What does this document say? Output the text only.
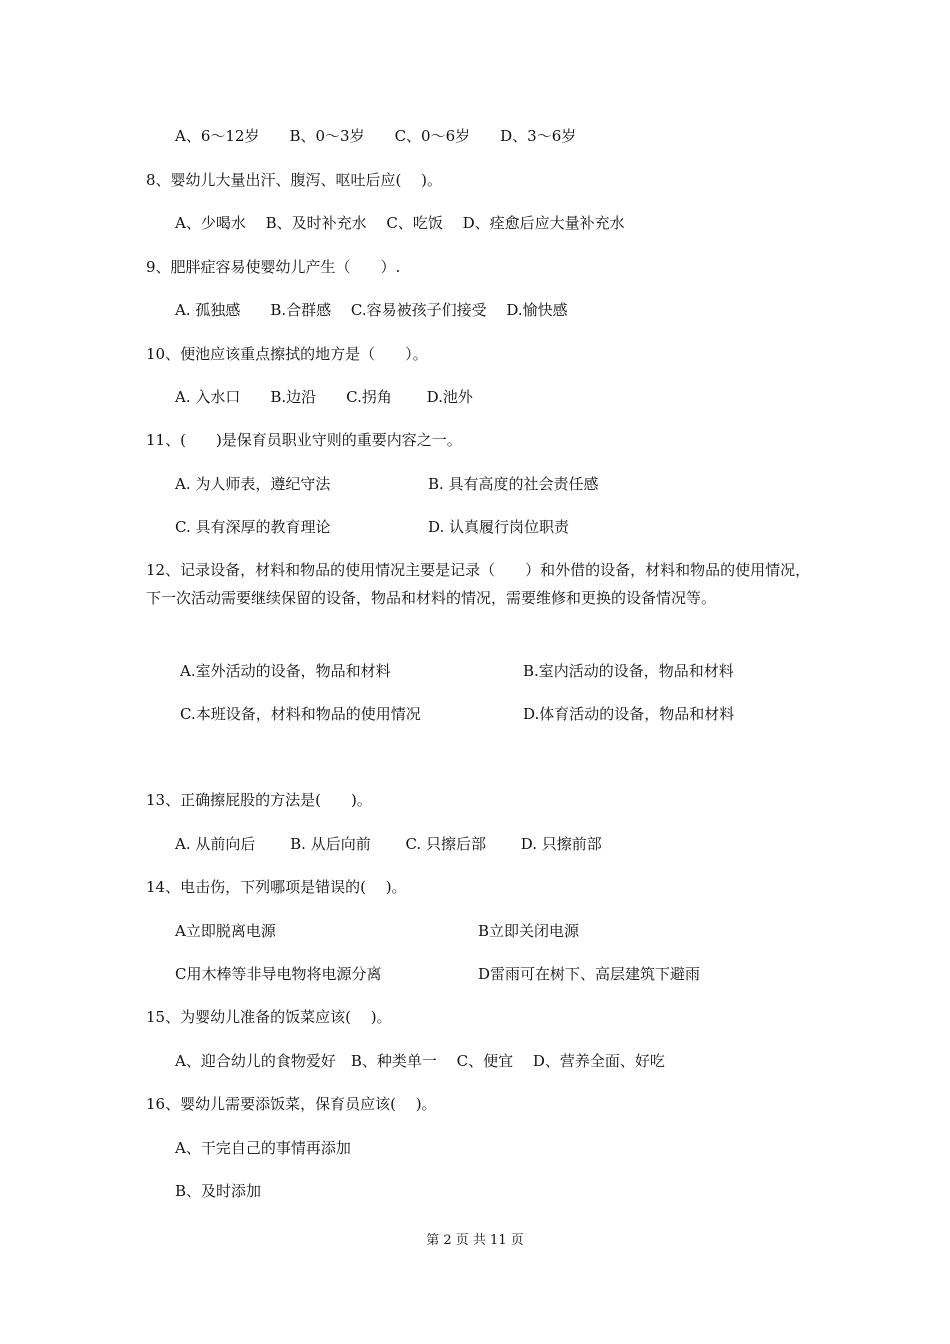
A、6～12岁　　B、0～3岁　　C、0～6岁　　D、3～6岁
8、婴幼儿大量出汗、腹泻、呕吐后应(　 )。
A、少喝水　 B、及时补充水　 C、吃饭　 D、痊愈后应大量补充水
9、肥胖症容易使婴幼儿产生（　　）.
A. 孤独感　　B.合群感　 C.容易被孩子们接受　 D.愉快感
10、便池应该重点擦拭的地方是（　　）。
A. 入水口　　B.边沿　　C.拐角　　 D.池外
11、(　　)是保育员职业守则的重要内容之一。
A. 为人师表，遵纪守法	B. 具有高度的社会责任感
C. 具有深厚的教育理论	D. 认真履行岗位职责
12、记录设备，材料和物品的使用情况主要是记录（　　）和外借的设备，材料和物品的使用情况，下一次活动需要继续保留的设备，物品和材料的情况，需要维修和更换的设备情况等。
A.室外活动的设备，物品和材料	B.室内活动的设备，物品和材料
C.本班设备，材料和物品的使用情况	D.体育活动的设备，物品和材料
13、正确擦屁股的方法是(　　)。
A. 从前向后　　 B. 从后向前　　 C. 只擦后部　　 D. 只擦前部
14、电击伤，下列哪项是错误的(　 )。
A立即脱离电源	B立即关闭电源
C用木棒等非导电物将电源分离	D雷雨可在树下、高层建筑下避雨
15、为婴幼儿准备的饭菜应该(　 )。
A、迎合幼儿的食物爱好　B、种类单一　 C、便宜　 D、营养全面、好吃
16、婴幼儿需要添饭菜，保育员应该(　 )。
A、干完自己的事情再添加
B、及时添加
第 2 页 共 11 页
